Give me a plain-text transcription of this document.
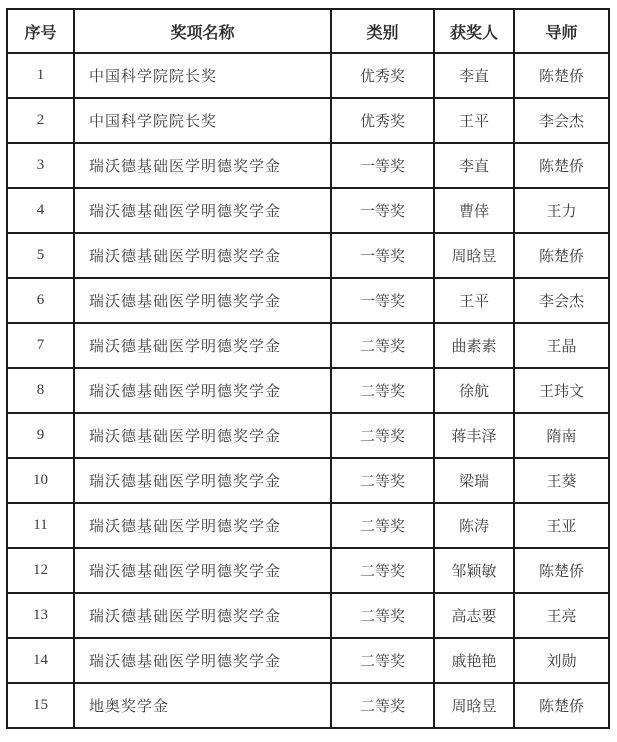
序号	奖项名称	类别	获奖人	导师
1	中国科学院院长奖	优秀奖	李直	陈楚侨
2	中国科学院院长奖	优秀奖	王平	李会杰
3	瑞沃德基础医学明德奖学金	一等奖	李直	陈楚侨
4	瑞沃德基础医学明德奖学金	一等奖	曹倖	王力
5	瑞沃德基础医学明德奖学金	一等奖	周晗昱	陈楚侨
6	瑞沃德基础医学明德奖学金	一等奖	王平	李会杰
7	瑞沃德基础医学明德奖学金	二等奖	曲素素	王晶
8	瑞沃德基础医学明德奖学金	二等奖	徐航	王玮文
9	瑞沃德基础医学明德奖学金	二等奖	蒋丰泽	隋南
10	瑞沃德基础医学明德奖学金	二等奖	梁瑞	王葵
11	瑞沃德基础医学明德奖学金	二等奖	陈涛	王亚
12	瑞沃德基础医学明德奖学金	二等奖	邹颖敏	陈楚侨
13	瑞沃德基础医学明德奖学金	二等奖	高志要	王亮
14	瑞沃德基础医学明德奖学金	二等奖	戚艳艳	刘勋
15	地奥奖学金	二等奖	周晗昱	陈楚侨
